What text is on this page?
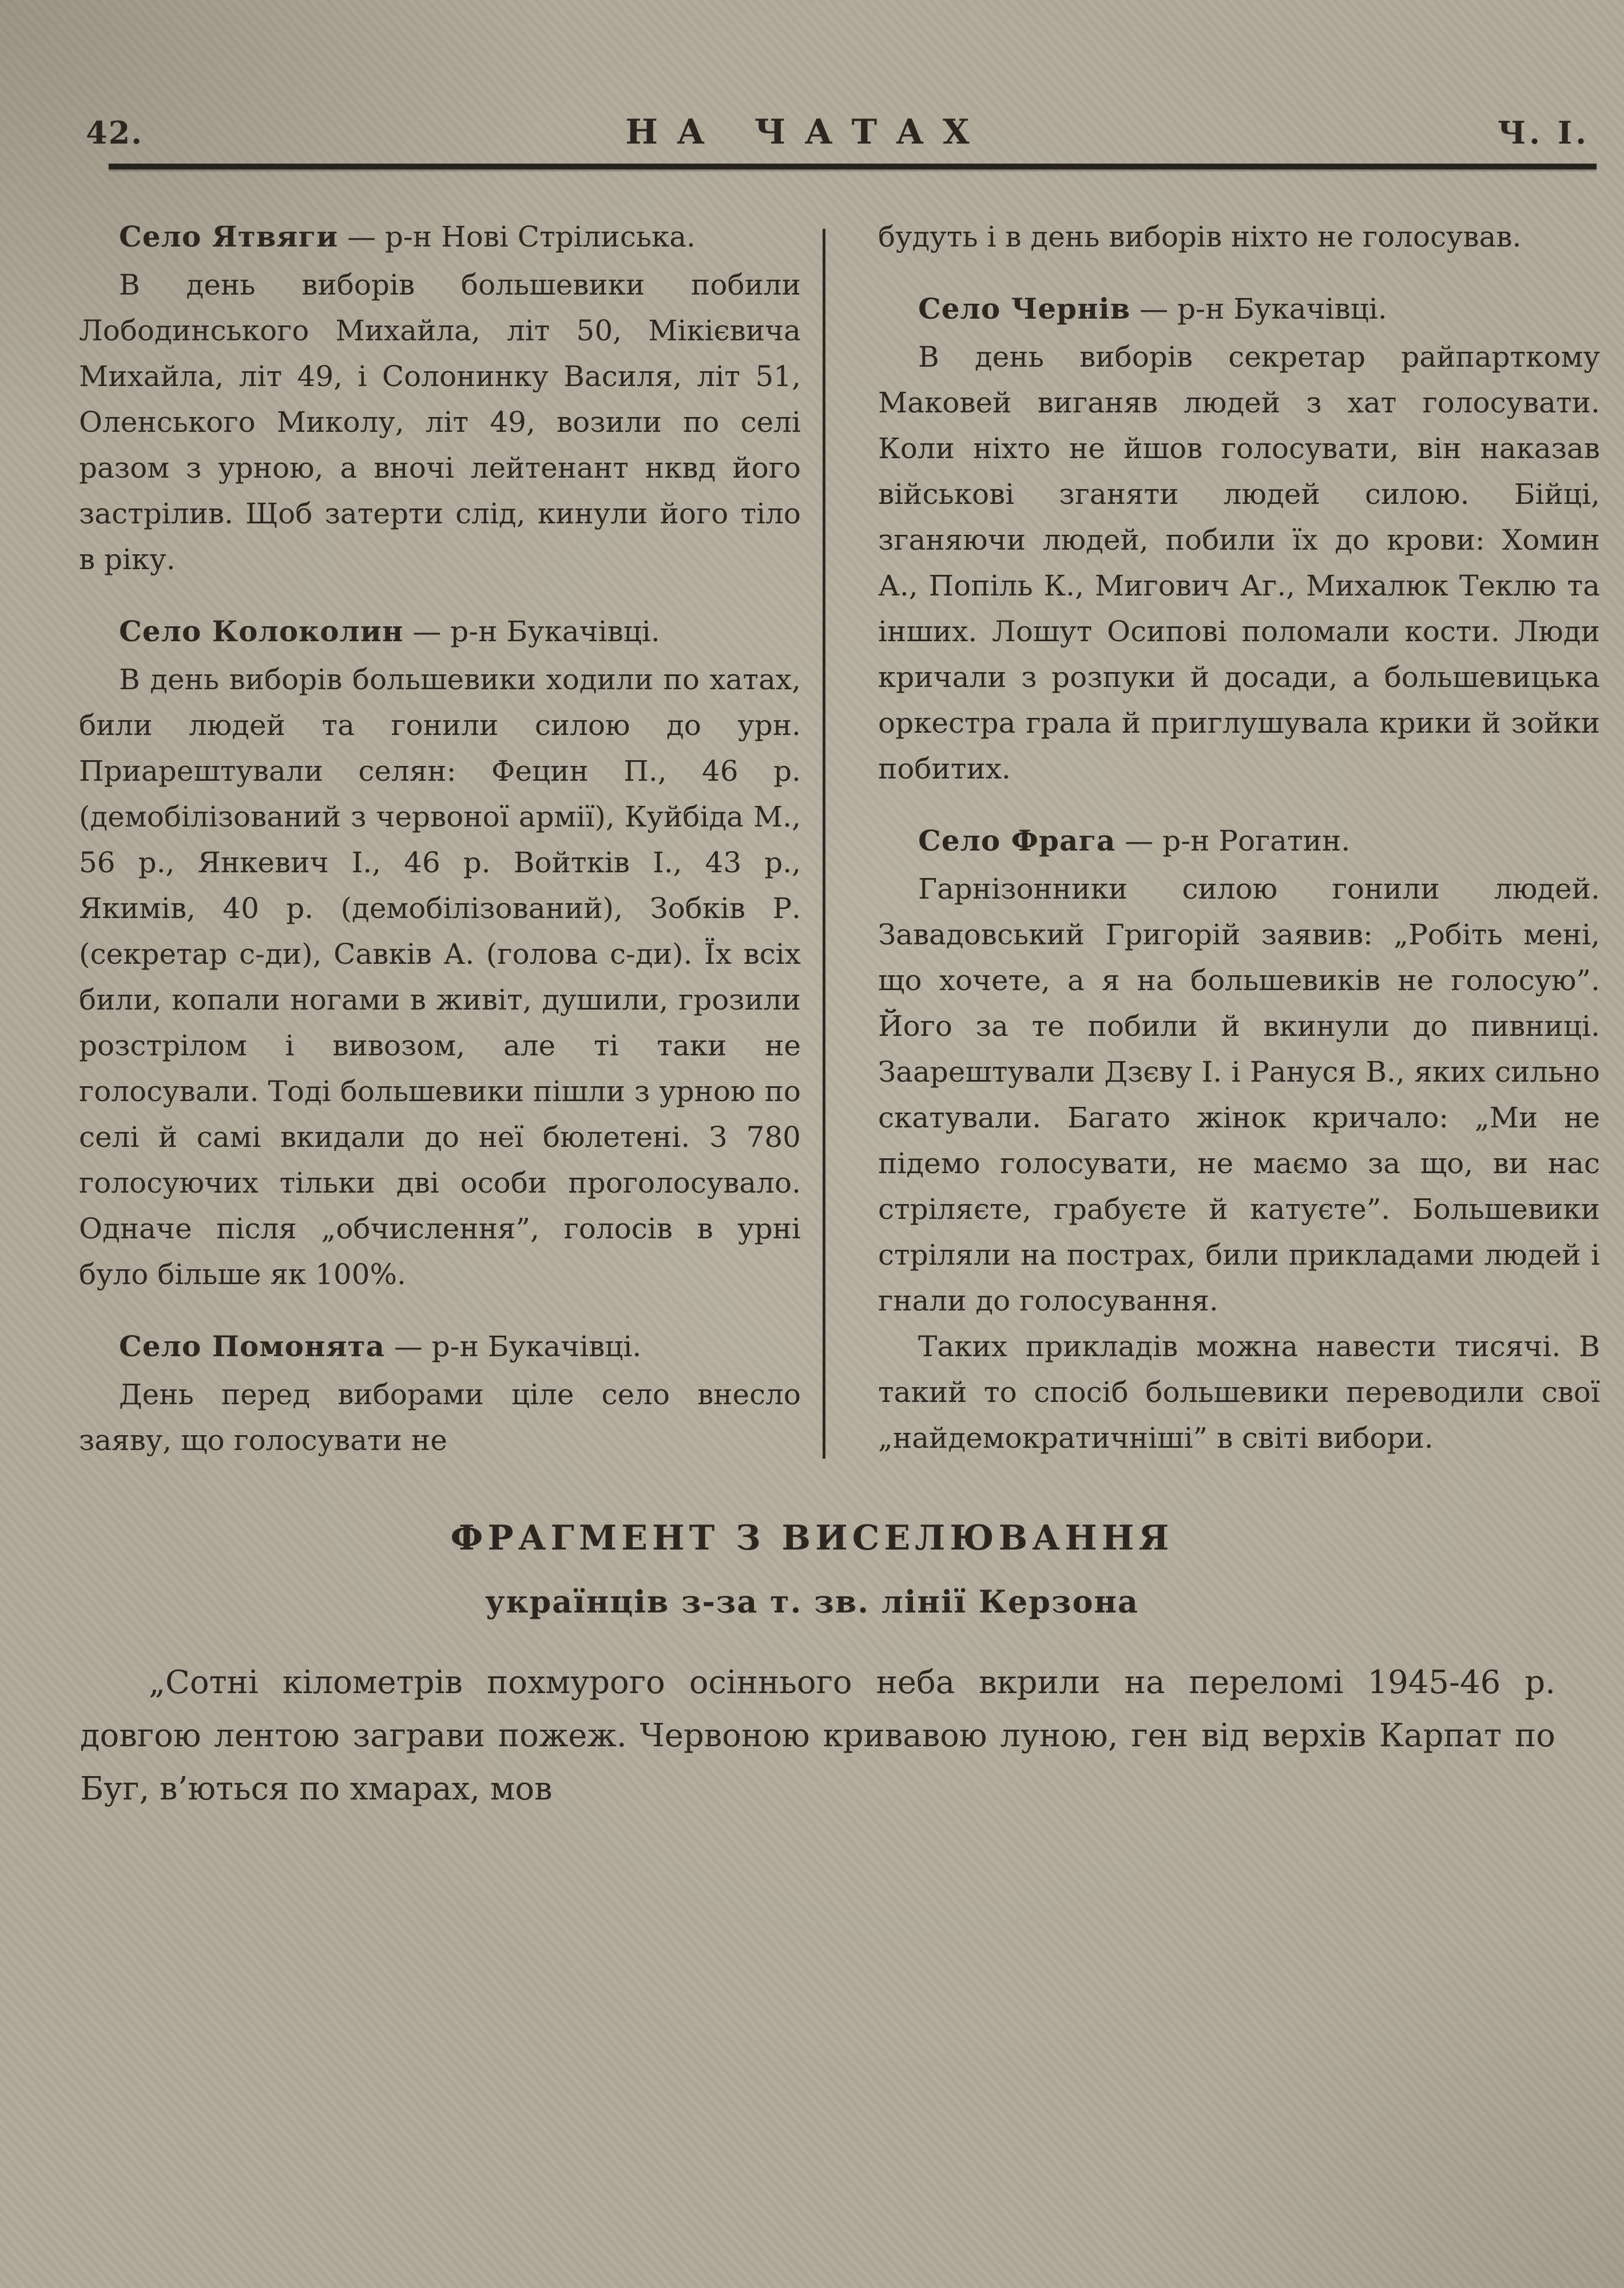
42.	НА ЧАТАХ	Ч. І.

Село Ятвяги — р-н Нові Стрілиська.

В день виборів большевики побили Лободинського Михайла, літ 50, Мікієвича Михайла, літ 49, і Солонинку Василя, літ 51, Оленського Миколу, літ 49, возили по селі разом з урною, а вночі лейтенант нквд його застрілив. Щоб затерти слід, кинули його тіло в ріку.

Село Колоколин — р-н Букачівці.

В день виборів большевики ходили по хатах, били людей та гонили силою до урн. Приарештували селян: Фецин П., 46 р. (демобілізований з червоної армії), Куйбіда М., 56 р., Янкевич І., 46 р. Войтків І., 43 р., Якимів, 40 р. (демобілізований), Зобків Р. (секретар с-ди), Савків А. (голова с-ди). Їх всіх били, копали ногами в живіт, душили, грозили розстрілом і вивозом, але ті таки не голосували. Тоді большевики пішли з урною по селі й самі вкидали до неї бюлетені. З 780 голосуючих тільки дві особи проголосувало. Одначе після „обчислення”, голосів в урні було більше як 100%.

Село Помонята — р-н Букачівці.

День перед виборами ціле село внесло заяву, що голосувати не

будуть і в день виборів ніхто не голосував.

Село Чернів — р-н Букачівці.

В день виборів секретар райпарткому Маковей виганяв людей з хат голосувати. Коли ніхто не йшов голосувати, він наказав військові зганяти людей силою. Бійці, зганяючи людей, побили їх до крови: Хомин А., Попіль К., Мигович Аг., Михалюк Теклю та інших. Лошут Осипові поломали кости. Люди кричали з розпуки й досади, а большевицька оркестра грала й приглушувала крики й зойки побитих.

Село Фрага — р-н Рогатин.

Гарнізонники силою гонили людей. Завадовський Григорій заявив: „Робіть мені, що хочете, а я на большевиків не голосую”. Його за те побили й вкинули до пивниці. Заарештували Дзєву І. і Рануся В., яких сильно скатували. Багато жінок кричало: „Ми не підемо голосувати, не маємо за що, ви нас стріляєте, грабуєте й катуєте”. Большевики стріляли на пострах, били прикладами людей і гнали до голосування.

Таких прикладів можна навести тисячі. В такий то спосіб большевики переводили свої „найдемократичніші” в світі вибори.

ФРАГМЕНТ З ВИСЕЛЮВАННЯ

українців з-за т. зв. лінії Керзона

„Сотні кілометрів похмурого осіннього неба вкрили на переломі 1945-46 р. довгою лентою заграви пожеж. Червоною кривавою луною, ген від верхів Карпат по Буг, в’ються по хмарах, мов
